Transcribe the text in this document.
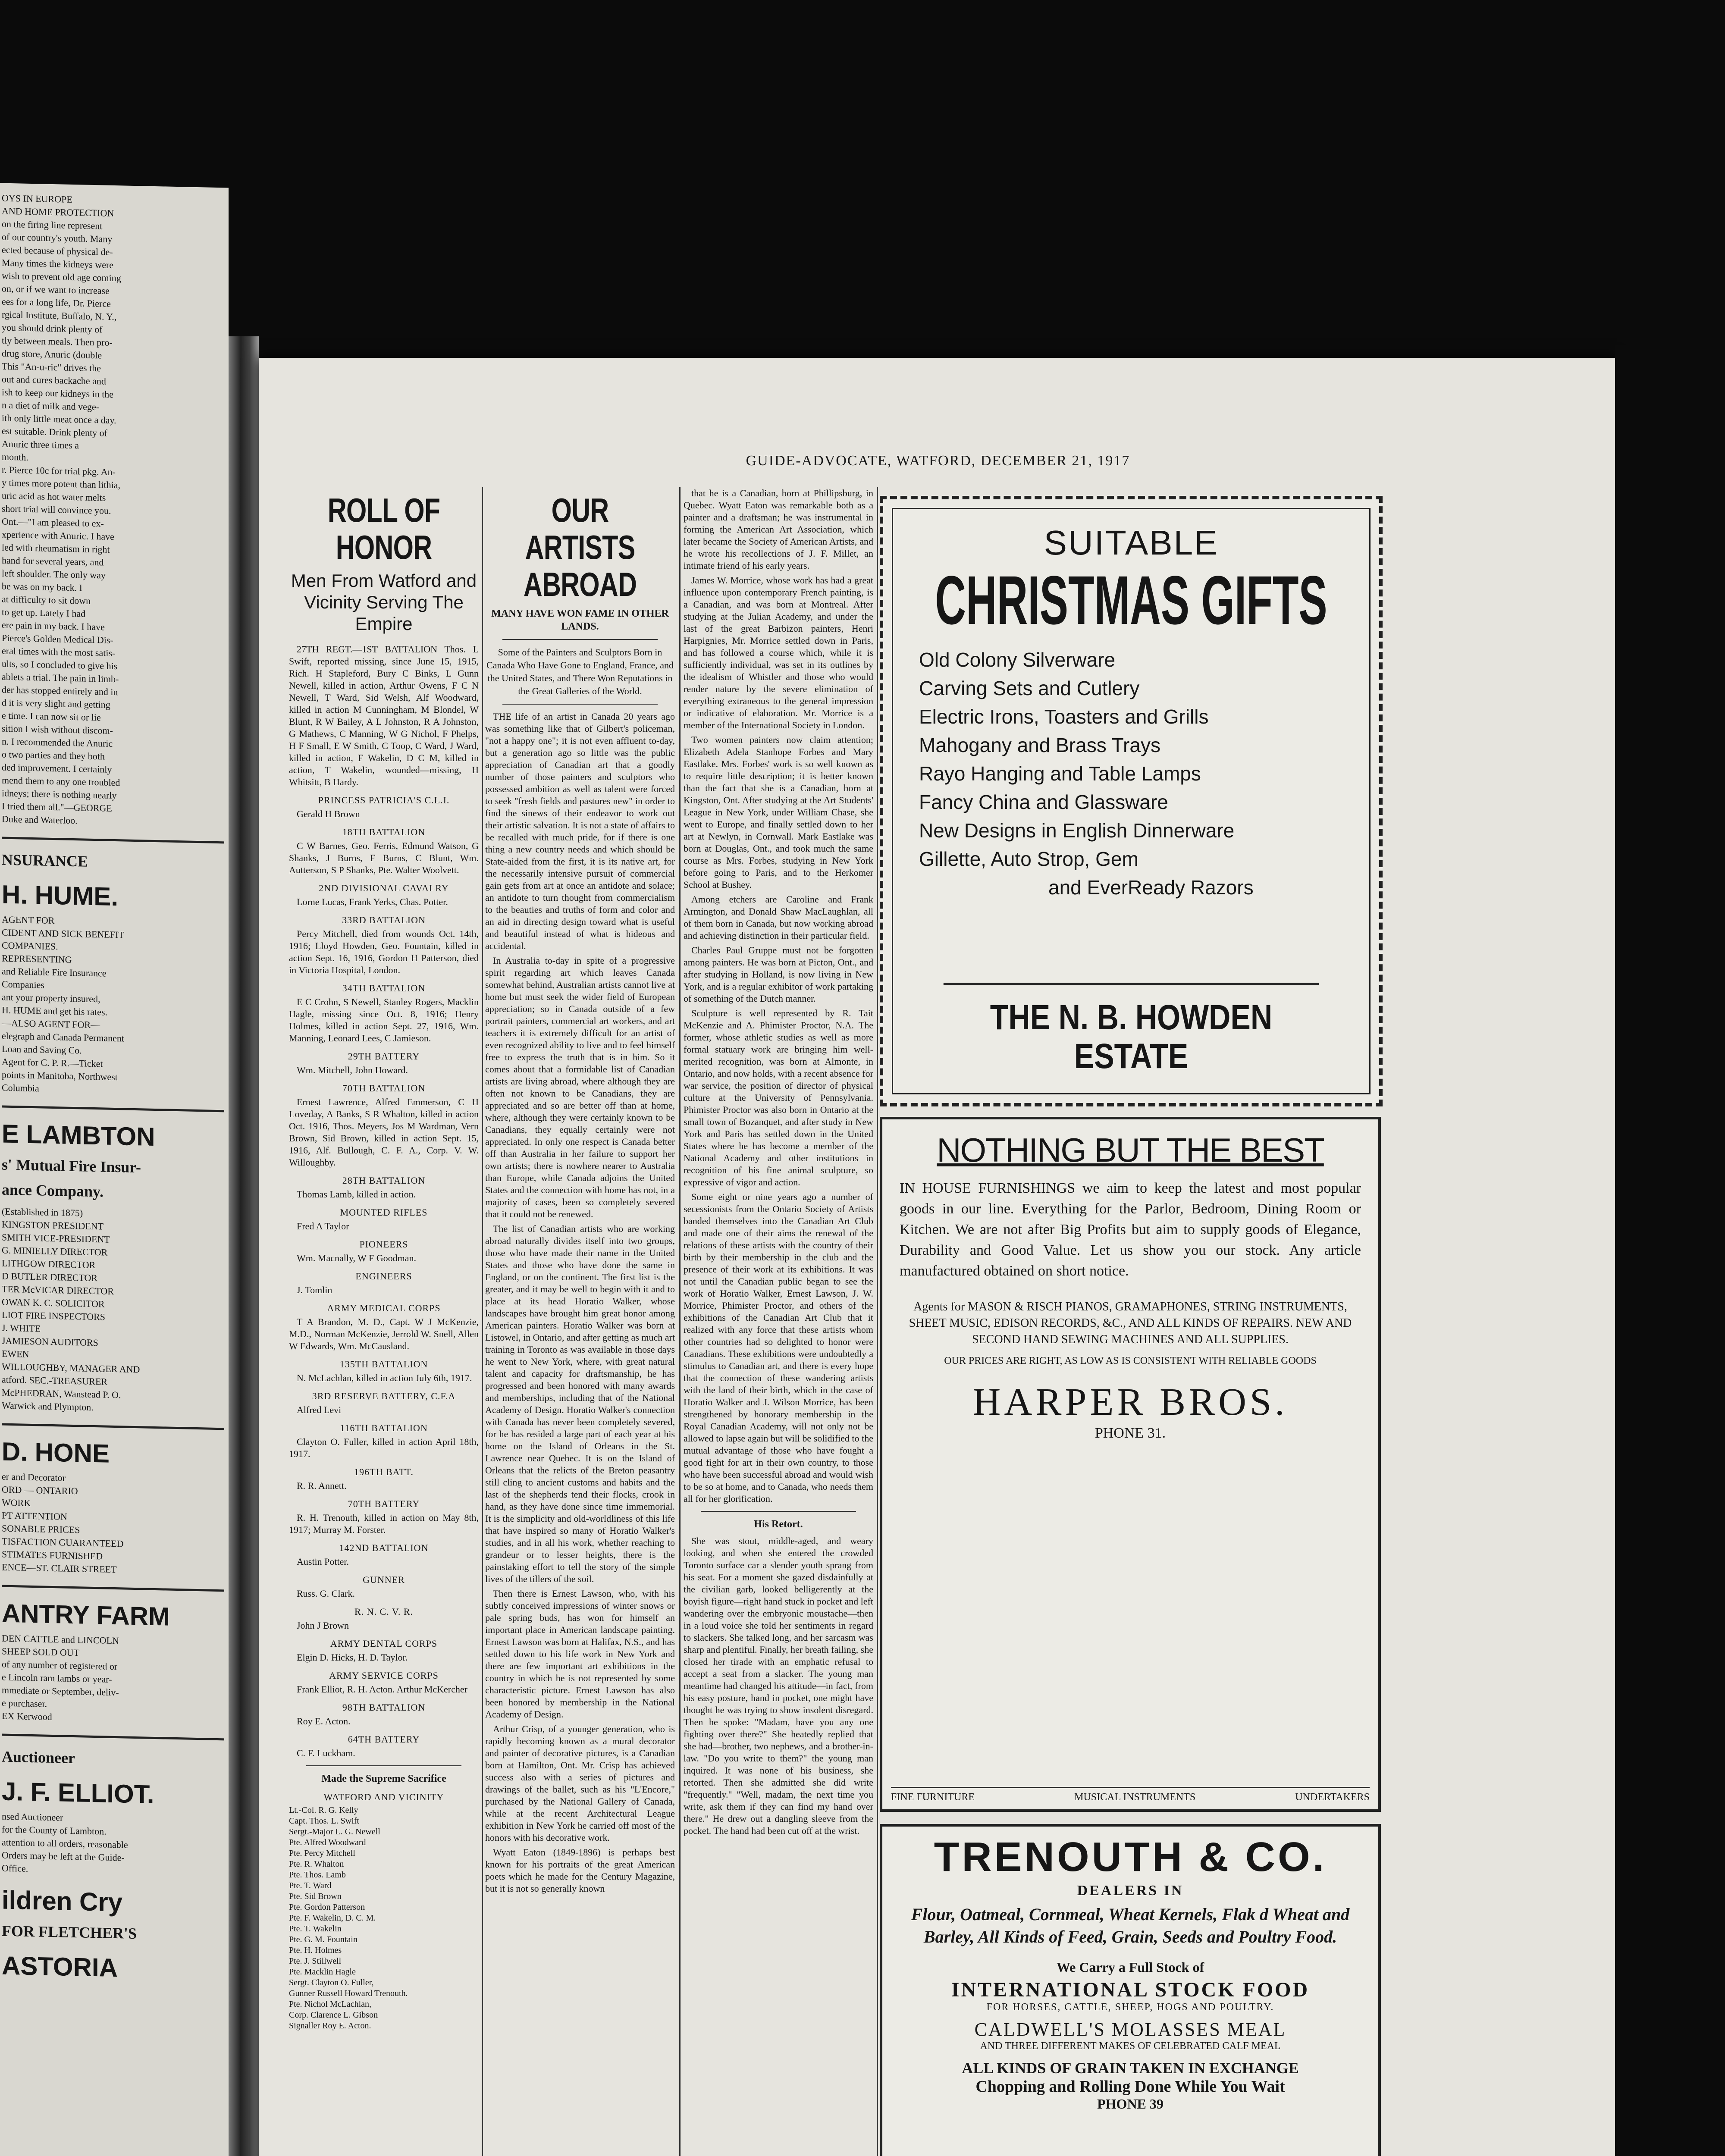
OYS IN EUROPE
AND HOME PROTECTION
on the firing line represent
of our country's youth. Many
ected because of physical de-
Many times the kidneys were
wish to prevent old age coming
on, or if we want to increase
ees for a long life, Dr. Pierce
rgical Institute, Buffalo, N. Y.,
you should drink plenty of
tly between meals. Then pro-
drug store, Anuric (double
This "An-u-ric" drives the
out and cures backache and
ish to keep our kidneys in the
n a diet of milk and vege-
ith only little meat once a day.
est suitable. Drink plenty of
Anuric three times a
month.
r. Pierce 10c for trial pkg. An-
y times more potent than lithia,
uric acid as hot water melts
short trial will convince you.
Ont.—"I am pleased to ex-
xperience with Anuric. I have
led with rheumatism in right
hand for several years, and
left shoulder. The only way
be was on my back. I
at difficulty to sit down
to get up. Lately I had
ere pain in my back. I have
Pierce's Golden Medical Dis-
eral times with the most satis-
ults, so I concluded to give his
ablets a trial. The pain in limb-
der has stopped entirely and in
d it is very slight and getting
e time. I can now sit or lie
sition I wish without discom-
n. I recommended the Anuric
o two parties and they both
ded improvement. I certainly
mend them to any one troubled
idneys; there is nothing nearly
I tried them all."—GEORGE
Duke and Waterloo.
NSURANCE
H. HUME.
AGENT FOR
CIDENT AND SICK BENEFIT
COMPANIES.
REPRESENTING
and Reliable Fire Insurance
Companies
ant your property insured,
H. HUME and get his rates.
—ALSO AGENT FOR—
elegraph and Canada Permanent
Loan and Saving Co.
Agent for C. P. R.—Ticket
points in Manitoba, Northwest
Columbia
E LAMBTON
s' Mutual Fire Insur-
ance Company.
(Established in 1875)
KINGSTON PRESIDENT
SMITH VICE-PRESIDENT
G. MINIELLY DIRECTOR
LITHGOW DIRECTOR
D BUTLER DIRECTOR
TER McVICAR DIRECTOR
OWAN K. C. SOLICITOR
LIOT FIRE INSPECTORS
J. WHITE
JAMIESON AUDITORS
EWEN
WILLOUGHBY, MANAGER AND
atford. SEC.-TREASURER
McPHEDRAN, Wanstead P. O.
Warwick and Plympton.
D. HONE
er and Decorator
ORD — ONTARIO
WORK
PT ATTENTION
SONABLE PRICES
TISFACTION GUARANTEED
STIMATES FURNISHED
ENCE—ST. CLAIR STREET
ANTRY FARM
DEN CATTLE and LINCOLN
SHEEP SOLD OUT
of any number of registered or
e Lincoln ram lambs or year-
mmediate or September, deliv-
e purchaser.
EX Kerwood
Auctioneer
J. F. ELLIOT.
nsed Auctioneer
for the County of Lambton.
attention to all orders, reasonable
Orders may be left at the Guide-
Office.
ildren Cry
FOR FLETCHER'S
ASTORIA
GUIDE-ADVOCATE, WATFORD, DECEMBER 21, 1917
ROLL OF HONOR
Men From Watford and Vicinity Serving The Empire

27TH REGT.—1ST BATTALION Thos. L Swift, reported missing, since June 15, 1915, Rich. H Stapleford, Bury C Binks, L Gunn Newell, killed in action, Arthur Owens, F C N Newell, T Ward, Sid Welsh, Alf Woodward, killed in action M Cunningham, M Blondel, W Blunt, R W Bailey, A L Johnston, R A Johnston, G Mathews, C Manning, W G Nichol, F Phelps, H F Small, E W Smith, C Toop, C Ward, J Ward, killed in action, F Wakelin, D C M, killed in action, T Wakelin, wounded—missing, H Whitsitt, B Hardy.

PRINCESS PATRICIA'S C.L.I.

Gerald H Brown

18TH BATTALION

C W Barnes, Geo. Ferris, Edmund Watson, G Shanks, J Burns, F Burns, C Blunt, Wm. Autterson, S P Shanks, Pte. Walter Woolvett.

2ND DIVISIONAL CAVALRY

Lorne Lucas, Frank Yerks, Chas. Potter.

33RD BATTALION

Percy Mitchell, died from wounds Oct. 14th, 1916; Lloyd Howden, Geo. Fountain, killed in action Sept. 16, 1916, Gordon H Patterson, died in Victoria Hospital, London.

34TH BATTALION

E C Crohn, S Newell, Stanley Rogers, Macklin Hagle, missing since Oct. 8, 1916; Henry Holmes, killed in action Sept. 27, 1916, Wm. Manning, Leonard Lees, C Jamieson.

29TH BATTERY

Wm. Mitchell, John Howard.

70TH BATTALION

Ernest Lawrence, Alfred Emmerson, C H Loveday, A Banks, S R Whalton, killed in action Oct. 1916, Thos. Meyers, Jos M Wardman, Vern Brown, Sid Brown, killed in action Sept. 15, 1916, Alf. Bullough, C. F. A., Corp. V. W. Willoughby.

28TH BATTALION

Thomas Lamb, killed in action.

MOUNTED RIFLES

Fred A Taylor

PIONEERS

Wm. Macnally, W F Goodman.

ENGINEERS

J. Tomlin

ARMY MEDICAL CORPS

T A Brandon, M. D., Capt. W J McKenzie, M.D., Norman McKenzie, Jerrold W. Snell, Allen W Edwards, Wm. McCausland.

135TH BATTALION

N. McLachlan, killed in action July 6th, 1917.

3RD RESERVE BATTERY, C.F.A

Alfred Levi

116TH BATTALION

Clayton O. Fuller, killed in action April 18th, 1917.

196TH BATT.

R. R. Annett.

70TH BATTERY

R. H. Trenouth, killed in action on May 8th, 1917; Murray M. Forster.

142ND BATTALION

Austin Potter.

GUNNER

Russ. G. Clark.

R. N. C. V. R.

John J Brown

ARMY DENTAL CORPS

Elgin D. Hicks, H. D. Taylor.

ARMY SERVICE CORPS

Frank Elliot, R. H. Acton. Arthur McKercher

98TH BATTALION

Roy E. Acton.

64TH BATTERY

C. F. Luckham.

Made the Supreme Sacrifice
WATFORD AND VICINITY
Lt.-Col. R. G. Kelly
Capt. Thos. L. Swift
Sergt.-Major L. G. Newell
Pte. Alfred Woodward
Pte. Percy Mitchell
Pte. R. Whalton
Pte. Thos. Lamb
Pte. T. Ward
Pte. Sid Brown
Pte. Gordon Patterson
Pte. F. Wakelin, D. C. M.
Pte. T. Wakelin
Pte. G. M. Fountain
Pte. H. Holmes
Pte. J. Stillwell
Pte. Macklin Hagle
Sergt. Clayton O. Fuller,
Gunner Russell Howard Trenouth.
Pte. Nichol McLachlan,
Corp. Clarence L. Gibson
Signaller Roy E. Acton.
OUR ARTISTS ABROAD
MANY HAVE WON FAME IN OTHER LANDS.
Some of the Painters and Sculptors Born in Canada Who Have Gone to England, France, and the United States, and There Won Reputations in the Great Galleries of the World.

THE life of an artist in Canada 20 years ago was something like that of Gilbert's policeman, "not a happy one"; it is not even affluent to-day, but a generation ago so little was the public appreciation of Canadian art that a goodly number of those painters and sculptors who possessed ambition as well as talent were forced to seek "fresh fields and pastures new" in order to find the sinews of their endeavor to work out their artistic salvation. It is not a state of affairs to be recalled with much pride, for if there is one thing a new country needs and which should be State-aided from the first, it is its native art, for the necessarily intensive pursuit of commercial gain gets from art at once an antidote and solace; an antidote to turn thought from commercialism to the beauties and truths of form and color and an aid in directing design toward what is useful and beautiful instead of what is hideous and accidental.

In Australia to-day in spite of a progressive spirit regarding art which leaves Canada somewhat behind, Australian artists cannot live at home but must seek the wider field of European appreciation; so in Canada outside of a few portrait painters, commercial art workers, and art teachers it is extremely difficult for an artist of even recognized ability to live and to feel himself free to express the truth that is in him. So it comes about that a formidable list of Canadian artists are living abroad, where although they are often not known to be Canadians, they are appreciated and so are better off than at home, where, although they were certainly known to be Canadians, they equally certainly were not appreciated. In only one respect is Canada better off than Australia in her failure to support her own artists; there is nowhere nearer to Australia than Europe, while Canada adjoins the United States and the connection with home has not, in a majority of cases, been so completely severed that it could not be renewed.

The list of Canadian artists who are working abroad naturally divides itself into two groups, those who have made their name in the United States and those who have done the same in England, or on the continent. The first list is the greater, and it may be well to begin with it and to place at its head Horatio Walker, whose landscapes have brought him great honor among American painters. Horatio Walker was born at Listowel, in Ontario, and after getting as much art training in Toronto as was available in those days he went to New York, where, with great natural talent and capacity for draftsmanship, he has progressed and been honored with many awards and memberships, including that of the National Academy of Design. Horatio Walker's connection with Canada has never been completely severed, for he has resided a large part of each year at his home on the Island of Orleans in the St. Lawrence near Quebec. It is on the Island of Orleans that the relicts of the Breton peasantry still cling to ancient customs and habits and the last of the shepherds tend their flocks, crook in hand, as they have done since time immemorial. It is the simplicity and old-worldliness of this life that have inspired so many of Horatio Walker's studies, and in all his work, whether reaching to grandeur or to lesser heights, there is the painstaking effort to tell the story of the simple lives of the tillers of the soil.

Then there is Ernest Lawson, who, with his subtly conceived impressions of winter snows or pale spring buds, has won for himself an important place in American landscape painting. Ernest Lawson was born at Halifax, N.S., and has settled down to his life work in New York and there are few important art exhibitions in the country in which he is not represented by some characteristic picture. Ernest Lawson has also been honored by membership in the National Academy of Design.

Arthur Crisp, of a younger generation, who is rapidly becoming known as a mural decorator and painter of decorative pictures, is a Canadian born at Hamilton, Ont. Mr. Crisp has achieved success also with a series of pictures and drawings of the ballet, such as his "L'Encore," purchased by the National Gallery of Canada, while at the recent Architectural League exhibition in New York he carried off most of the honors with his decorative work.

Wyatt Eaton (1849-1896) is perhaps best known for his portraits of the great American poets which he made for the Century Magazine, but it is not so generally known

that he is a Canadian, born at Phillipsburg, in Quebec. Wyatt Eaton was remarkable both as a painter and a draftsman; he was instrumental in forming the American Art Association, which later became the Society of American Artists, and he wrote his recollections of J. F. Millet, an intimate friend of his early years.

James W. Morrice, whose work has had a great influence upon contemporary French painting, is a Canadian, and was born at Montreal. After studying at the Julian Academy, and under the last of the great Barbizon painters, Henri Harpignies, Mr. Morrice settled down in Paris, and has followed a course which, while it is sufficiently individual, was set in its outlines by the idealism of Whistler and those who would render nature by the severe elimination of everything extraneous to the general impression or indicative of elaboration. Mr. Morrice is a member of the International Society in London.

Two women painters now claim attention; Elizabeth Adela Stanhope Forbes and Mary Eastlake. Mrs. Forbes' work is so well known as to require little description; it is better known than the fact that she is a Canadian, born at Kingston, Ont. After studying at the Art Students' League in New York, under William Chase, she went to Europe, and finally settled down to her art at Newlyn, in Cornwall. Mark Eastlake was born at Douglas, Ont., and took much the same course as Mrs. Forbes, studying in New York before going to Paris, and to the Herkomer School at Bushey.

Among etchers are Caroline and Frank Armington, and Donald Shaw MacLaughlan, all of them born in Canada, but now working abroad and achieving distinction in their particular field.

Charles Paul Gruppe must not be forgotten among painters. He was born at Picton, Ont., and after studying in Holland, is now living in New York, and is a regular exhibitor of work partaking of something of the Dutch manner.

Sculpture is well represented by R. Tait McKenzie and A. Phimister Proctor, N.A. The former, whose athletic studies as well as more formal statuary work are bringing him well-merited recognition, was born at Almonte, in Ontario, and now holds, with a recent absence for war service, the position of director of physical culture at the University of Pennsylvania. Phimister Proctor was also born in Ontario at the small town of Bozanquet, and after study in New York and Paris has settled down in the United States where he has become a member of the National Academy and other institutions in recognition of his fine animal sculpture, so expressive of vigor and action.

Some eight or nine years ago a number of secessionists from the Ontario Society of Artists banded themselves into the Canadian Art Club and made one of their aims the renewal of the relations of these artists with the country of their birth by their membership in the club and the presence of their work at its exhibitions. It was not until the Canadian public began to see the work of Horatio Walker, Ernest Lawson, J. W. Morrice, Phimister Proctor, and others of the exhibitions of the Canadian Art Club that it realized with any force that these artists whom other countries had so delighted to honor were Canadians. These exhibitions were undoubtedly a stimulus to Canadian art, and there is every hope that the connection of these wandering artists with the land of their birth, which in the case of Horatio Walker and J. Wilson Morrice, has been strengthened by honorary membership in the Royal Canadian Academy, will not only not be allowed to lapse again but will be solidified to the mutual advantage of those who have fought a good fight for art in their own country, to those who have been successful abroad and would wish to be so at home, and to Canada, who needs them all for her glorification.

His Retort.

She was stout, middle-aged, and weary looking, and when she entered the crowded Toronto surface car a slender youth sprang from his seat. For a moment she gazed disdainfully at the civilian garb, looked belligerently at the boyish figure—right hand stuck in pocket and left wandering over the embryonic moustache—then in a loud voice she told her sentiments in regard to slackers. She talked long, and her sarcasm was sharp and plentiful. Finally, her breath failing, she closed her tirade with an emphatic refusal to accept a seat from a slacker. The young man meantime had changed his attitude—in fact, from his easy posture, hand in pocket, one might have thought he was trying to show insolent disregard. Then he spoke: "Madam, have you any one fighting over there?" She heatedly replied that she had—brother, two nephews, and a brother-in-law. "Do you write to them?" the young man inquired. It was none of his business, she retorted. Then she admitted she did write "frequently." "Well, madam, the next time you write, ask them if they can find my hand over there." He drew out a dangling sleeve from the pocket. The hand had been cut off at the wrist.

SUITABLE
CHRISTMAS GIFTS
Old Colony Silverware
Carving Sets and Cutlery
Electric Irons, Toasters and Grills
Mahogany and Brass Trays
Rayo Hanging and Table Lamps
Fancy China and Glassware
New Designs in English Dinnerware
Gillette, Auto Strop, Gem
and EverReady Razors
THE N. B. HOWDEN ESTATE
NOTHING BUT THE BEST
IN HOUSE FURNISHINGS we aim to keep the latest and most popular goods in our line. Everything for the Parlor, Bedroom, Dining Room or Kitchen. We are not after Big Profits but aim to supply goods of Elegance, Durability and Good Value. Let us show you our stock. Any article manufactured obtained on short notice.
Agents for MASON & RISCH PIANOS, GRAMAPHONES, STRING INSTRUMENTS, SHEET MUSIC, EDISON RECORDS, &C., AND ALL KINDS OF REPAIRS. NEW AND SECOND HAND SEWING MACHINES AND ALL SUPPLIES.
OUR PRICES ARE RIGHT, AS LOW AS IS CONSISTENT WITH RELIABLE GOODS
HARPER BROS.
PHONE 31.
FINE FURNITURE	MUSICAL INSTRUMENTS	UNDERTAKERS
TRENOUTH & CO.
DEALERS IN
Flour, Oatmeal, Cornmeal, Wheat Kernels, Flak d Wheat and Barley, All Kinds of Feed, Grain, Seeds and Poultry Food.
We Carry a Full Stock of
INTERNATIONAL STOCK FOOD
FOR HORSES, CATTLE, SHEEP, HOGS AND POULTRY.
CALDWELL'S MOLASSES MEAL
AND THREE DIFFERENT MAKES OF CELEBRATED CALF MEAL
ALL KINDS OF GRAIN TAKEN IN EXCHANGE
Chopping and Rolling Done While You Wait
PHONE 39
